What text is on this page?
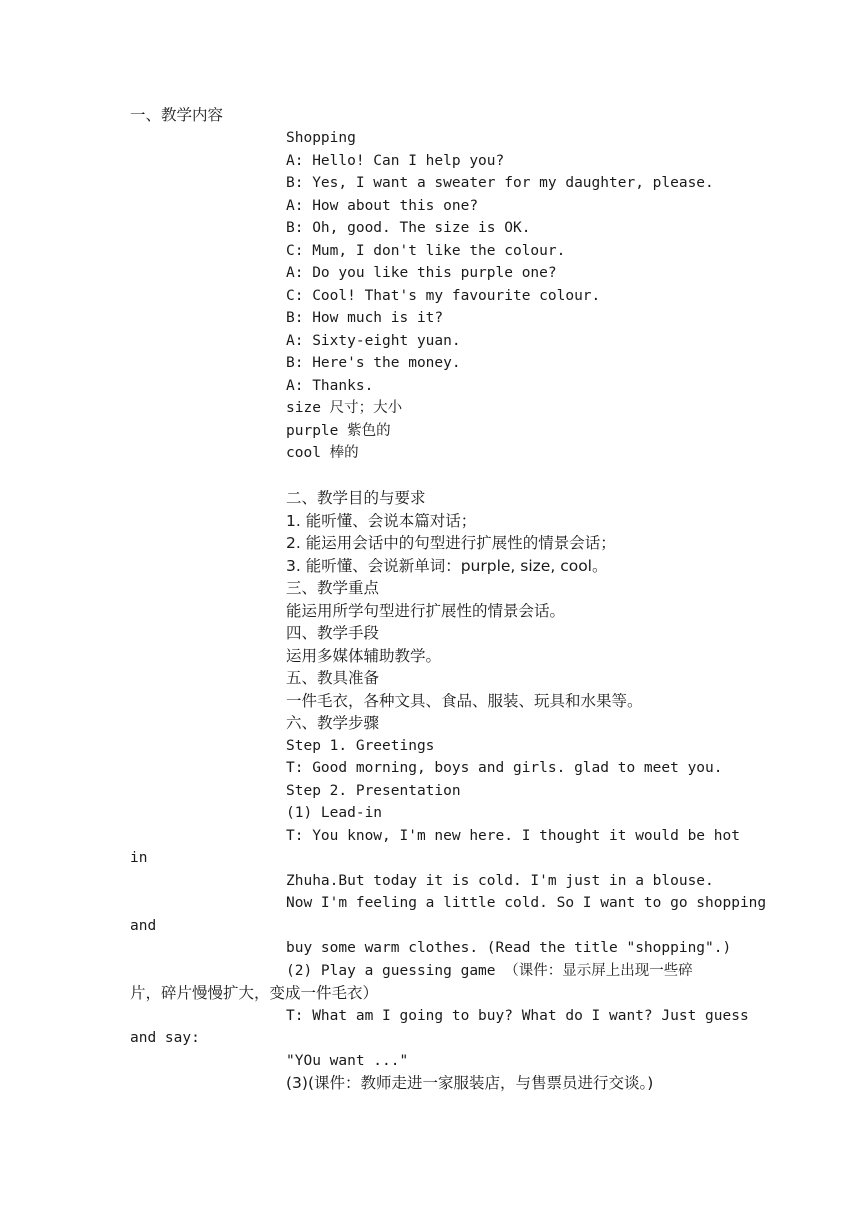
一、教学内容
Shopping
A: Hello! Can I help you?
B: Yes, I want a sweater for my daughter, please.
A: How about this one?
B: Oh, good. The size is OK.
C: Mum, I don't like the colour.
A: Do you like this purple one?
C: Cool! That's my favourite colour.
B: How much is it?
A: Sixty-eight yuan.
B: Here's the money.
A: Thanks.
size 尺寸；大小
purple 紫色的
cool 棒的
二、教学目的与要求
1. 能听懂、会说本篇对话；
2. 能运用会话中的句型进行扩展性的情景会话；
3. 能听懂、会说新单词：purple, size, cool。
三、教学重点
能运用所学句型进行扩展性的情景会话。
四、教学手段
运用多媒体辅助教学。
五、教具准备
一件毛衣，各种文具、食品、服装、玩具和水果等。
六、教学步骤
Step 1. Greetings
T: Good morning, boys and girls. glad to meet you.
Step 2. Presentation
(1) Lead-in
T: You know, I'm new here. I thought it would be hot
in
Zhuha.But today it is cold. I'm just in a blouse.
Now I'm feeling a little cold. So I want to go shopping
and
buy some warm clothes. (Read the title "shopping".)
(2) Play a guessing game （课件：显示屏上出现一些碎
片，碎片慢慢扩大，变成一件毛衣）
T: What am I going to buy? What do I want? Just guess
and say:
"YOu want ..."
(3)(课件：教师走进一家服装店，与售票员进行交谈。)
